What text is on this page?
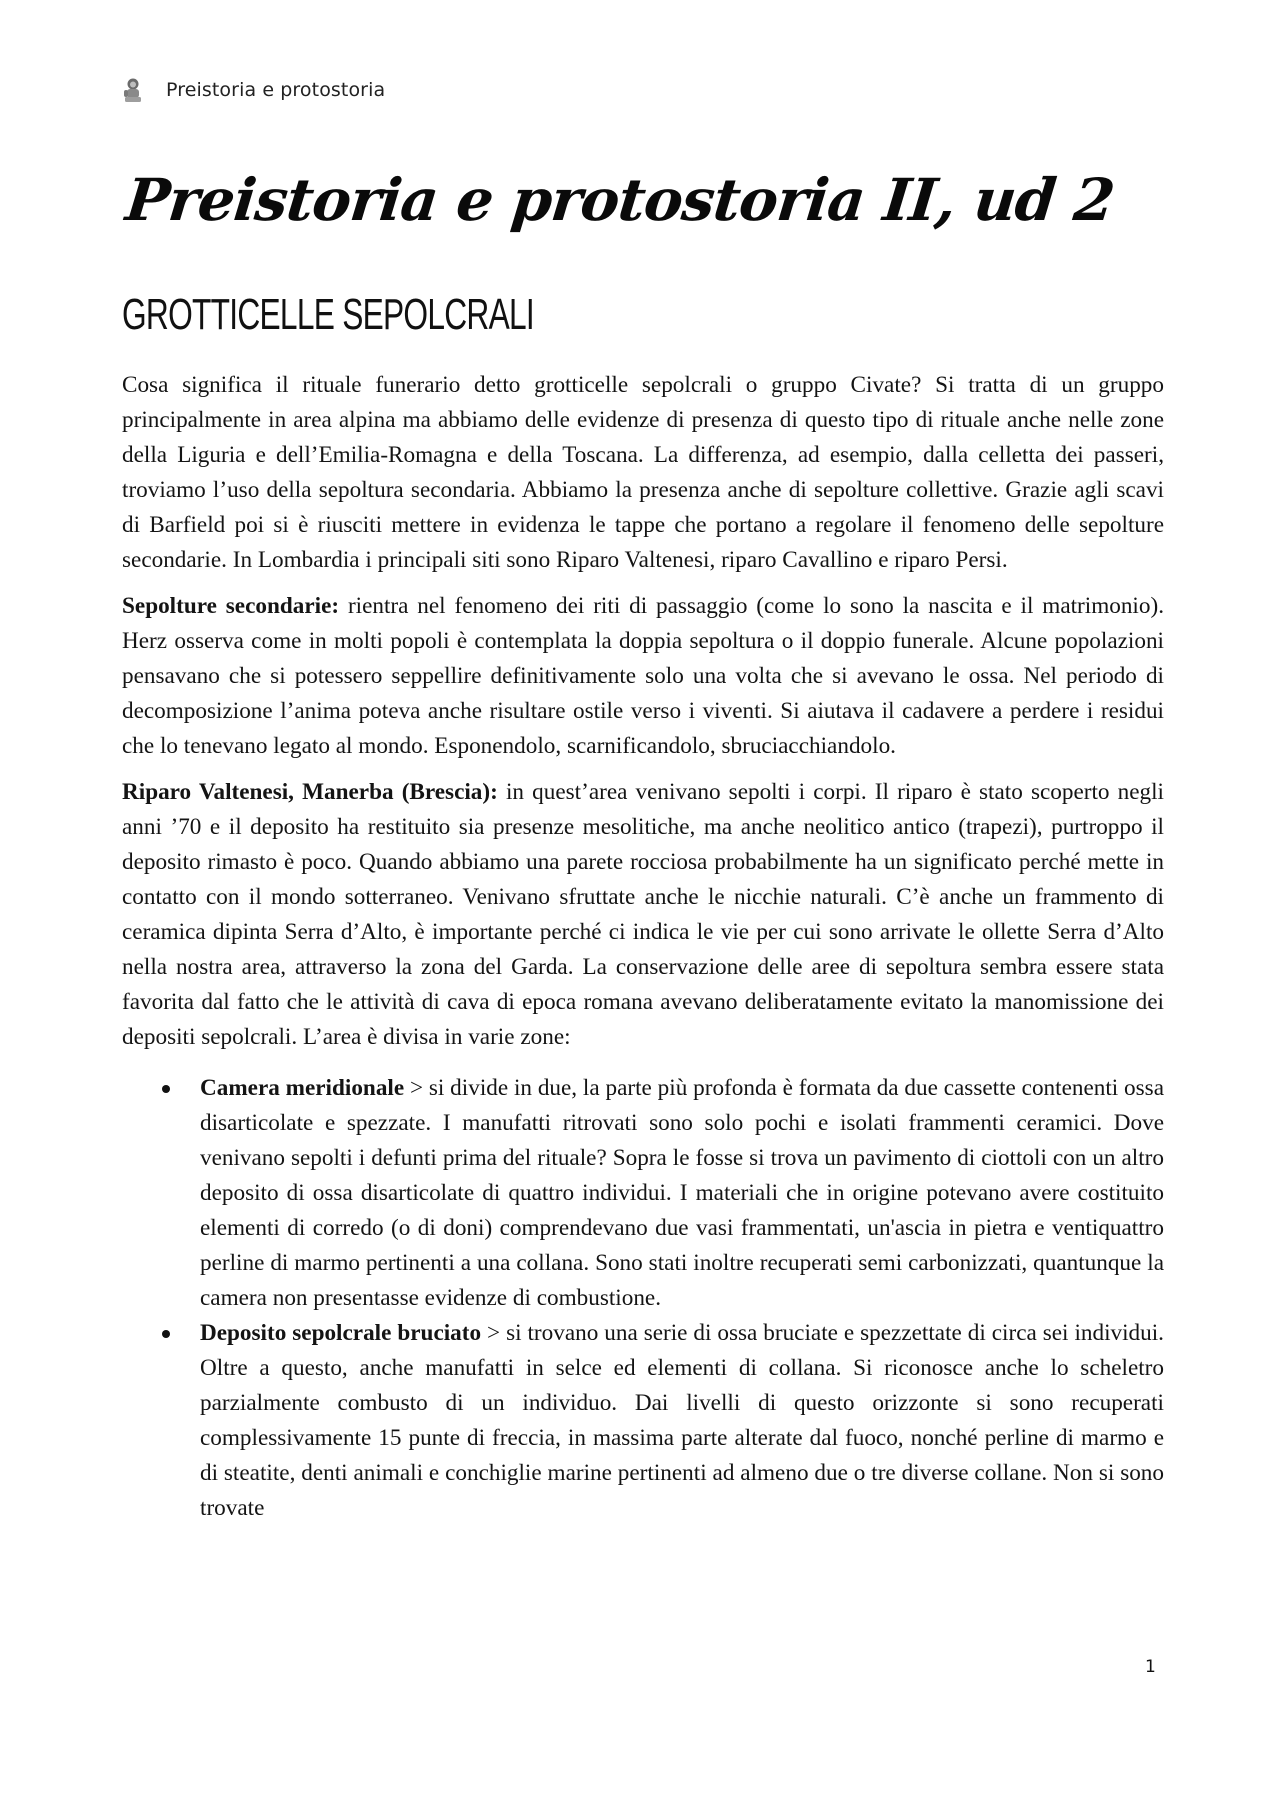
Preistoria e protostoria
Preistoria e protostoria II, ud 2
GROTTICELLE SEPOLCRALI

Cosa significa il rituale funerario detto grotticelle sepolcrali o gruppo Civate? Si tratta di un gruppo principalmente in area alpina ma abbiamo delle evidenze di presenza di questo tipo di rituale anche nelle zone della Liguria e dell’Emilia-Romagna e della Toscana. La differenza, ad esempio, dalla celletta dei passeri, troviamo l’uso della sepoltura secondaria. Abbiamo la presenza anche di sepolture collettive. Grazie agli scavi di Barfield poi si è riusciti mettere in evidenza le tappe che portano a regolare il fenomeno delle sepolture secondarie. In Lombardia i principali siti sono Riparo Valtenesi, riparo Cavallino e riparo Persi.

Sepolture secondarie: rientra nel fenomeno dei riti di passaggio (come lo sono la nascita e il matrimonio). Herz osserva come in molti popoli è contemplata la doppia sepoltura o il doppio funerale. Alcune popolazioni pensavano che si potessero seppellire definitivamente solo una volta che si avevano le ossa. Nel periodo di decomposizione l’anima poteva anche risultare ostile verso i viventi. Si aiutava il cadavere a perdere i residui che lo tenevano legato al mondo. Esponendolo, scarnificandolo, sbruciacchiandolo.

Riparo Valtenesi, Manerba (Brescia): in quest’area venivano sepolti i corpi. Il riparo è stato scoperto negli anni ’70 e il deposito ha restituito sia presenze mesolitiche, ma anche neolitico antico (trapezi), purtroppo il deposito rimasto è poco. Quando abbiamo una parete rocciosa probabilmente ha un significato perché mette in contatto con il mondo sotterraneo. Venivano sfruttate anche le nicchie naturali. C’è anche un frammento di ceramica dipinta Serra d’Alto, è importante perché ci indica le vie per cui sono arrivate le ollette Serra d’Alto nella nostra area, attraverso la zona del Garda. La conservazione delle aree di sepoltura sembra essere stata favorita dal fatto che le attività di cava di epoca romana avevano deliberatamente evitato la manomissione dei depositi sepolcrali. L’area è divisa in varie zone:

Camera meridionale > si divide in due, la parte più profonda è formata da due cassette contenenti ossa disarticolate e spezzate. I manufatti ritrovati sono solo pochi e isolati frammenti ceramici. Dove venivano sepolti i defunti prima del rituale? Sopra le fosse si trova un pavimento di ciottoli con un altro deposito di ossa disarticolate di quattro individui. I materiali che in origine potevano avere costituito elementi di corredo (o di doni) comprendevano due vasi frammentati, un'ascia in pietra e ventiquattro perline di marmo pertinenti a una collana. Sono stati inoltre recuperati semi carbonizzati, quantunque la camera non presentasse evidenze di combustione.
Deposito sepolcrale bruciato > si trovano una serie di ossa bruciate e spezzettate di circa sei individui. Oltre a questo, anche manufatti in selce ed elementi di collana. Si riconosce anche lo scheletro parzialmente combusto di un individuo. Dai livelli di questo orizzonte si sono recuperati complessivamente 15 punte di freccia, in massima parte alterate dal fuoco, nonché perline di marmo e di steatite, denti animali e conchiglie marine pertinenti ad almeno due o tre diverse collane. Non si sono trovate
1
